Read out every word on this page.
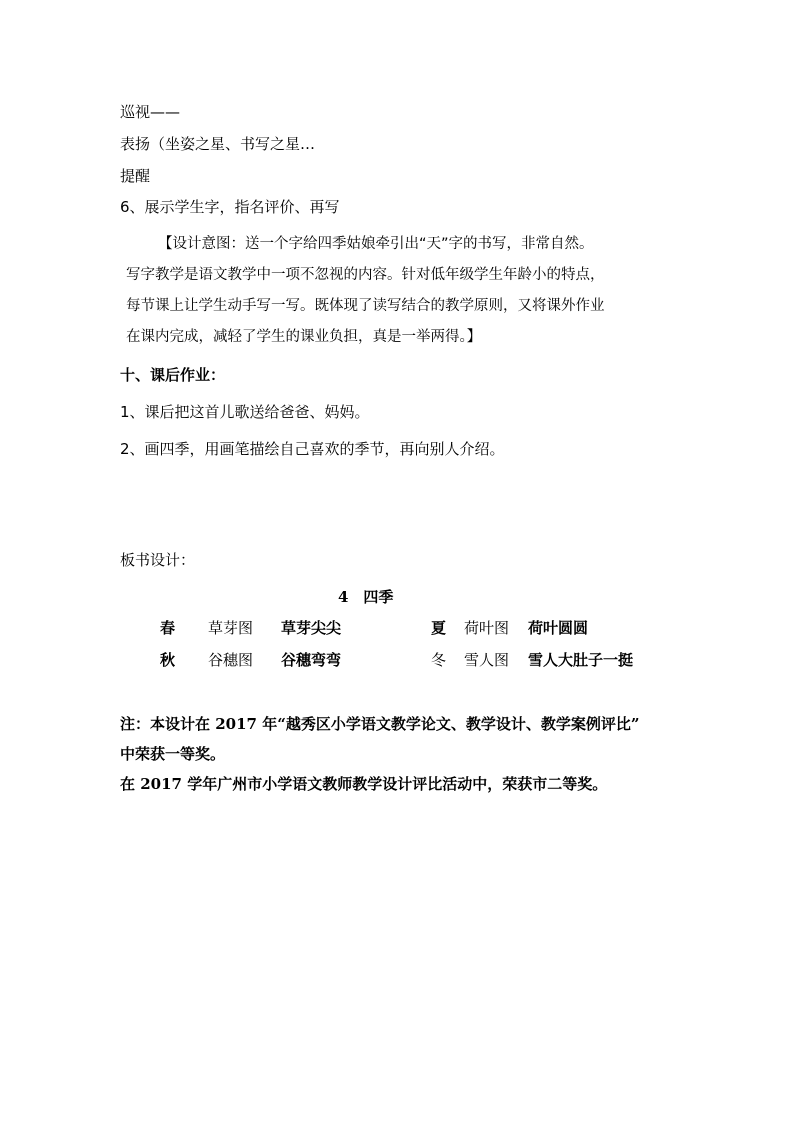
巡视——
表扬（坐姿之星、书写之星…
提醒
6、展示学生字，指名评价、再写
【设计意图：送一个字给四季姑娘牵引出“天”字的书写，非常自然。
写字教学是语文教学中一项不忽视的内容。针对低年级学生年龄小的特点，
每节课上让学生动手写一写。既体现了读写结合的教学原则，又将课外作业
在课内完成，减轻了学生的课业负担，真是一举两得。】
十、课后作业：
1、课后把这首儿歌送给爸爸、妈妈。
2、画四季，用画笔描绘自己喜欢的季节，再向别人介绍。
板书设计：
4　四季
春 草芽图 草芽尖尖	夏 荷叶图 荷叶圆圆
秋 谷穗图 谷穗弯弯	冬 雪人图 雪人大肚子一挺
注：本设计在 2017 年“越秀区小学语文教学论文、教学设计、教学案例评比”
中荣获一等奖。
在 2017 学年广州市小学语文教师教学设计评比活动中，荣获市二等奖。
